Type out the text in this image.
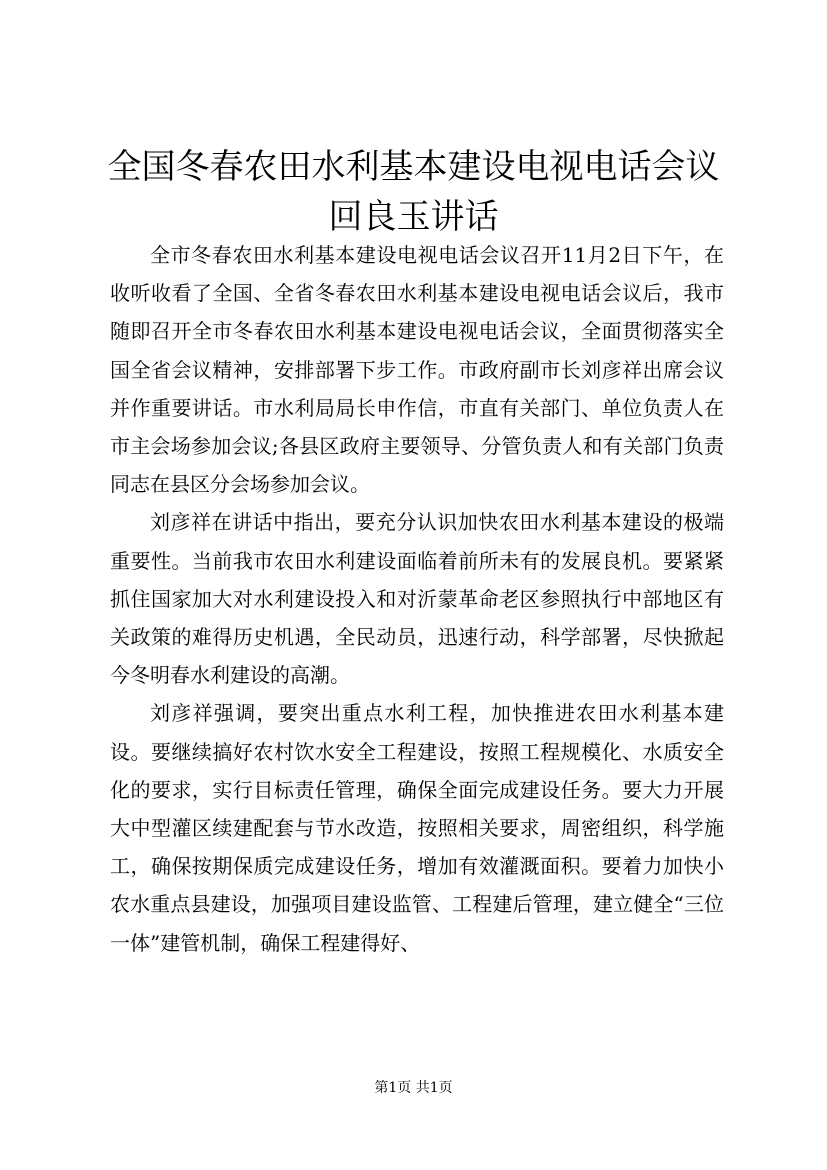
全国冬春农田水利基本建设电视电话会议回良玉讲话

全市冬春农田水利基本建设电视电话会议召开11月2日下午，在收听收看了全国、全省冬春农田水利基本建设电视电话会议后，我市随即召开全市冬春农田水利基本建设电视电话会议，全面贯彻落实全国全省会议精神，安排部署下步工作。市政府副市长刘彦祥出席会议并作重要讲话。市水利局局长申作信，市直有关部门、单位负责人在市主会场参加会议;各县区政府主要领导、分管负责人和有关部门负责同志在县区分会场参加会议。

刘彦祥在讲话中指出，要充分认识加快农田水利基本建设的极端重要性。当前我市农田水利建设面临着前所未有的发展良机。要紧紧抓住国家加大对水利建设投入和对沂蒙革命老区参照执行中部地区有关政策的难得历史机遇，全民动员，迅速行动，科学部署，尽快掀起今冬明春水利建设的高潮。

刘彦祥强调，要突出重点水利工程，加快推进农田水利基本建设。要继续搞好农村饮水安全工程建设，按照工程规模化、水质安全化的要求，实行目标责任管理，确保全面完成建设任务。要大力开展大中型灌区续建配套与节水改造，按照相关要求，周密组织，科学施工，确保按期保质完成建设任务，增加有效灌溉面积。要着力加快小农水重点县建设，加强项目建设监管、工程建后管理，建立健全“三位一体”建管机制，确保工程建得好、

第1页 共1页
